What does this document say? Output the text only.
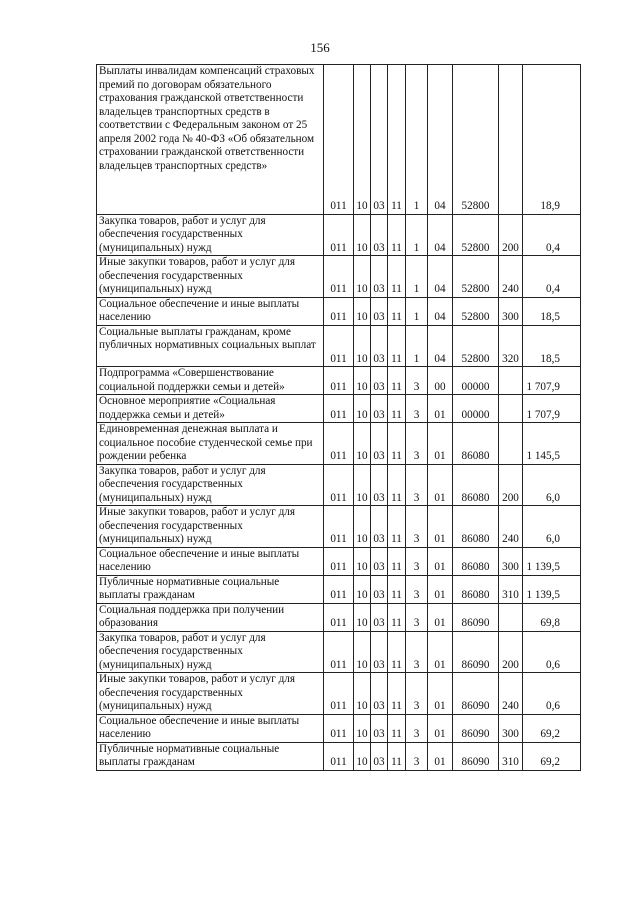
156
Выплаты инвалидам компенсаций страховых премий по договорам обязательного страхования гражданской ответственности владельцев транспортных средств в соответствии с Федеральным законом от 25 апреля 2002 года № 40-ФЗ «Об обязательном страховании гражданской ответственности владельцев транспортных средств»	011	10	03	11	1	04	52800		18,9
Закупка товаров, работ и услуг для обеспечения государственных (муниципальных) нужд	011	10	03	11	1	04	52800	200	0,4
Иные закупки товаров, работ и услуг для обеспечения государственных (муниципальных) нужд	011	10	03	11	1	04	52800	240	0,4
Социальное обеспечение и иные выплаты населению	011	10	03	11	1	04	52800	300	18,5
Социальные выплаты гражданам, кроме публичных нормативных социальных выплат	011	10	03	11	1	04	52800	320	18,5
Подпрограмма «Совершенствование социальной поддержки семьи и детей»	011	10	03	11	3	00	00000		1 707,9
Основное мероприятие «Социальная поддержка семьи и детей»	011	10	03	11	3	01	00000		1 707,9
Единовременная денежная выплата и социальное пособие студенческой семье при рождении ребенка	011	10	03	11	3	01	86080		1 145,5
Закупка товаров, работ и услуг для обеспечения государственных (муниципальных) нужд	011	10	03	11	3	01	86080	200	6,0
Иные закупки товаров, работ и услуг для обеспечения государственных (муниципальных) нужд	011	10	03	11	3	01	86080	240	6,0
Социальное обеспечение и иные выплаты населению	011	10	03	11	3	01	86080	300	1 139,5
Публичные нормативные социальные выплаты гражданам	011	10	03	11	3	01	86080	310	1 139,5
Социальная поддержка при получении образования	011	10	03	11	3	01	86090		69,8
Закупка товаров, работ и услуг для обеспечения государственных (муниципальных) нужд	011	10	03	11	3	01	86090	200	0,6
Иные закупки товаров, работ и услуг для обеспечения государственных (муниципальных) нужд	011	10	03	11	3	01	86090	240	0,6
Социальное обеспечение и иные выплаты населению	011	10	03	11	3	01	86090	300	69,2
Публичные нормативные социальные выплаты гражданам	011	10	03	11	3	01	86090	310	69,2
